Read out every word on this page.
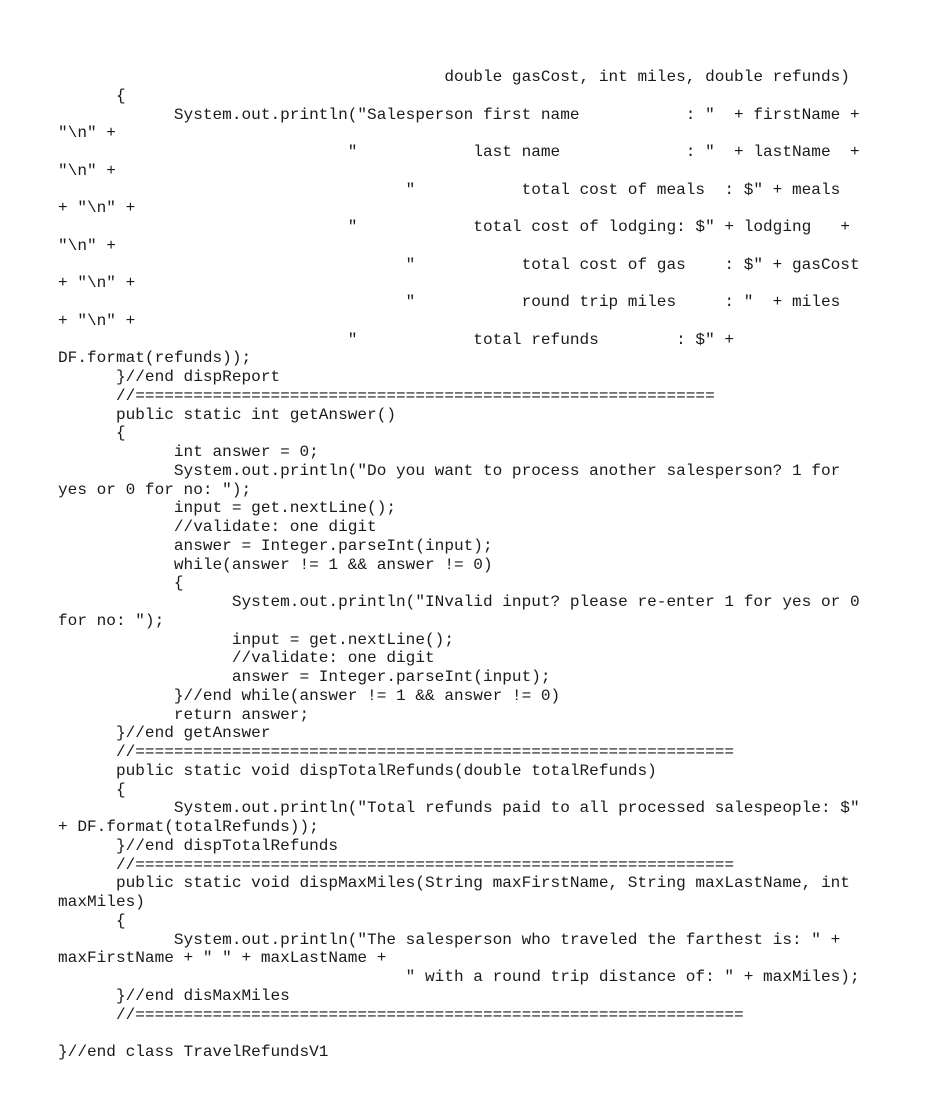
double gasCost, int miles, double refunds)
{
System.out.println("Salesperson first name           : "  + firstName +
"\n" +
"            last name             : "  + lastName  +
"\n" +
"           total cost of meals  : $" + meals
+ "\n" +
"            total cost of lodging: $" + lodging   +
"\n" +
"           total cost of gas    : $" + gasCost
+ "\n" +
"           round trip miles     : "  + miles
+ "\n" +
"            total refunds        : $" +
DF.format(refunds));
}//end dispReport
//============================================================
public static int getAnswer()
{
int answer = 0;
System.out.println("Do you want to process another salesperson? 1 for
yes or 0 for no: ");
input = get.nextLine();
//validate: one digit
answer = Integer.parseInt(input);
while(answer != 1 && answer != 0)
{
System.out.println("INvalid input? please re-enter 1 for yes or 0
for no: ");
input = get.nextLine();
//validate: one digit
answer = Integer.parseInt(input);
}//end while(answer != 1 && answer != 0)
return answer;
}//end getAnswer
//==============================================================
public static void dispTotalRefunds(double totalRefunds)
{
System.out.println("Total refunds paid to all processed salespeople: $"
+ DF.format(totalRefunds));
}//end dispTotalRefunds
//==============================================================
public static void dispMaxMiles(String maxFirstName, String maxLastName, int
maxMiles)
{
System.out.println("The salesperson who traveled the farthest is: " +
maxFirstName + " " + maxLastName +
" with a round trip distance of: " + maxMiles);
}//end disMaxMiles
//===============================================================
}//end class TravelRefundsV1
